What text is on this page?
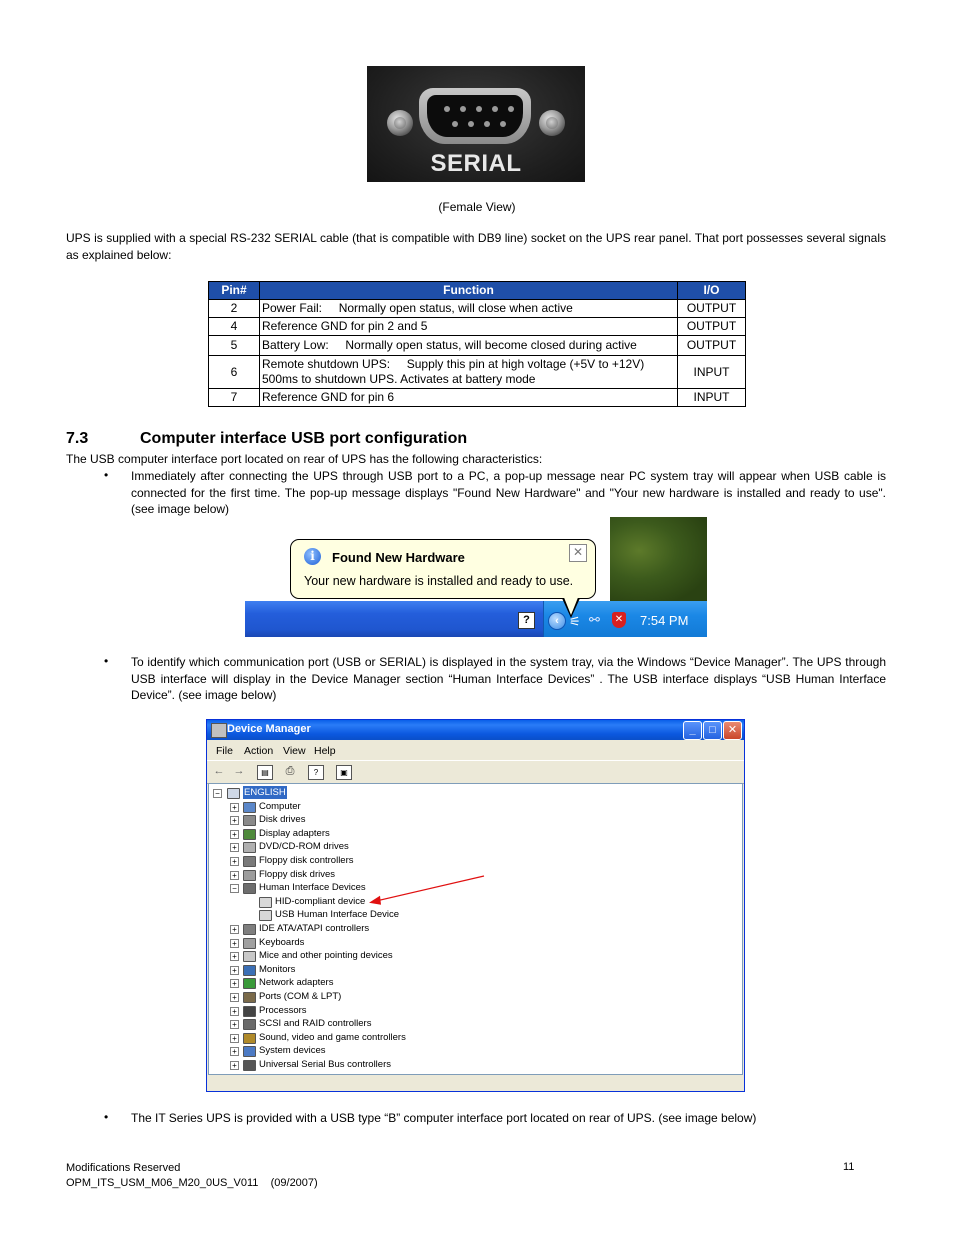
SERIAL
(Female View)
UPS is supplied with a special RS-232 SERIAL cable (that is compatible with DB9 line) socket on the UPS rear panel. That port possesses several signals as explained below:
Pin#	Function	I/O
2	Power Fail:     Normally open status, will close when active	OUTPUT
4	Reference GND for pin 2 and 5	OUTPUT
5	Battery Low:     Normally open status, will become closed during active	OUTPUT
6	Remote shutdown UPS:     Supply this pin at high voltage (+5V to +12V) 500ms to shutdown UPS. Activates at battery mode	INPUT
7	Reference GND for pin 6	INPUT
7.3	Computer interface USB port configuration
The USB computer interface port located on rear of UPS has the following characteristics:
• Immediately after connecting the UPS through USB port to a PC, a pop-up message near PC system tray will appear when USB cable is connected for the first time. The pop-up message displays "Found New Hardware" and "Your new hardware is installed and ready to use". (see image below)
?	‹ ⚟ ⚯ ✕ 7:54 PM
i	Found New Hardware
Your new hardware is installed and ready to use.
✕
• To identify which communication port (USB or SERIAL) is displayed in the system tray, via the Windows “Device Manager”. The UPS through USB interface will display in the Device Manager section “Human Interface Devices” . The USB interface displays “USB Human Interface Device”. (see image below)
Device Manager	_	□	✕
File Action View Help
← →	▤	⎙	?	▣
−	ENGLISH
+ Computer
+ Disk drives
+ Display adapters
+ DVD/CD-ROM drives
+ Floppy disk controllers
+ Floppy disk drives
− Human Interface Devices
HID-compliant device
USB Human Interface Device
+ IDE ATA/ATAPI controllers
+ Keyboards
+ Mice and other pointing devices
+ Monitors
+ Network adapters
+ Ports (COM & LPT)
+ Processors
+ SCSI and RAID controllers
+ Sound, video and game controllers
+ System devices
+ Universal Serial Bus controllers
• The IT Series UPS is provided with a USB type “B” computer interface port located on rear of UPS. (see image below)
Modifications Reserved
OPM_ITS_USM_M06_M20_0US_V011    (09/2007)
11
